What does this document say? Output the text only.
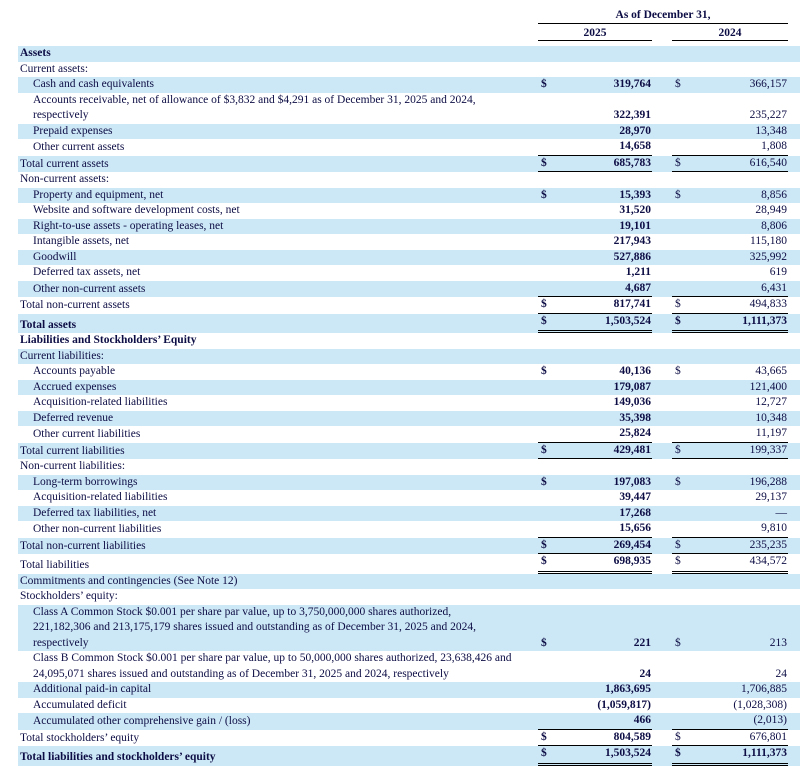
As of December 31,
2025	2024
Assets
Current assets:
Cash and cash equivalents	$	319,764 $	366,157
Accounts receivable, net of allowance of $3,832 and $4,291 as of December 31, 2025 and 2024,
respectively	322,391	235,227
Prepaid expenses	28,970	13,348
Other current assets	14,658	1,808
Total current assets	$	685,783 $	616,540
Non-current assets:
Property and equipment, net	$	15,393 $	8,856
Website and software development costs, net	31,520	28,949
Right-to-use assets - operating leases, net	19,101	8,806
Intangible assets, net	217,943	115,180
Goodwill	527,886	325,992
Deferred tax assets, net	1,211	619
Other non-current assets	4,687	6,431
Total non-current assets	$	817,741 $	494,833
Total assets	$	1,503,524 $	1,111,373
Liabilities and Stockholders’ Equity
Current liabilities:
Accounts payable	$	40,136 $	43,665
Accrued expenses	179,087	121,400
Acquisition-related liabilities	149,036	12,727
Deferred revenue	35,398	10,348
Other current liabilities	25,824	11,197
Total current liabilities	$	429,481 $	199,337
Non-current liabilities:
Long-term borrowings	$	197,083 $	196,288
Acquisition-related liabilities	39,447	29,137
Deferred tax liabilities, net	17,268	—
Other non-current liabilities	15,656	9,810
Total non-current liabilities	$	269,454 $	235,235
Total liabilities	$	698,935 $	434,572
Commitments and contingencies (See Note 12)
Stockholders’ equity:
Class A Common Stock $0.001 per share par value, up to 3,750,000,000 shares authorized,
221,182,306 and 213,175,179 shares issued and outstanding as of December 31, 2025 and 2024,
respectively	$	221 $	213
Class B Common Stock $0.001 per share par value, up to 50,000,000 shares authorized, 23,638,426 and
24,095,071 shares issued and outstanding as of December 31, 2025 and 2024, respectively	24	24
Additional paid-in capital	1,863,695	1,706,885
Accumulated deficit	(1,059,817)	(1,028,308)
Accumulated other comprehensive gain / (loss)	466	(2,013)
Total stockholders’ equity	$	804,589 $	676,801
Total liabilities and stockholders’ equity	$	1,503,524 $	1,111,373
